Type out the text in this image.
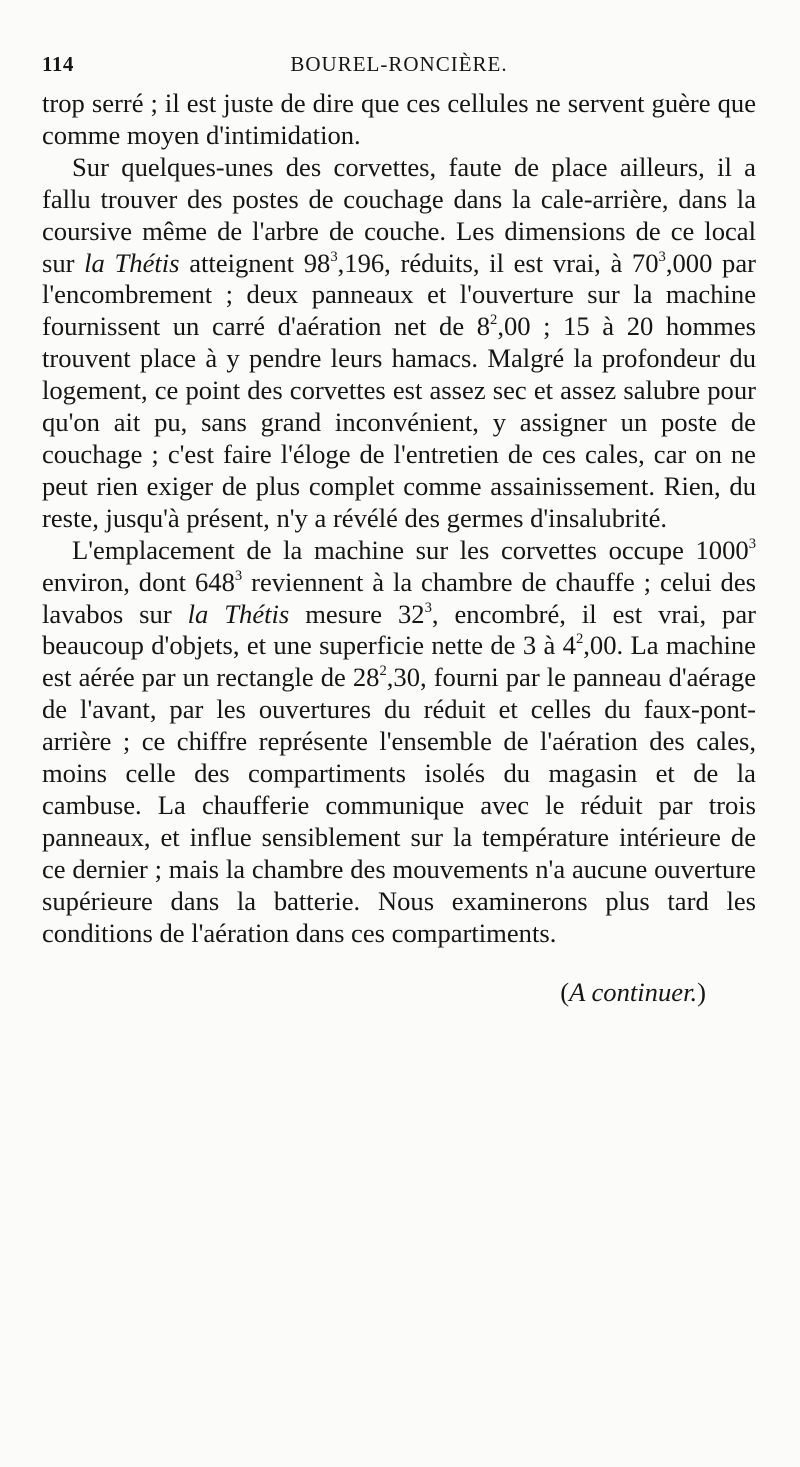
114	BOUREL-RONCIÈRE.

trop serré ; il est juste de dire que ces cellules ne servent guère que comme moyen d'intimidation.

Sur quelques-unes des corvettes, faute de place ailleurs, il a fallu trouver des postes de couchage dans la cale-arrière, dans la coursive même de l'arbre de couche. Les dimensions de ce local sur la Thétis atteignent $98^3,196$, réduits, il est vrai, à $70^3,000$ par l'encombrement ; deux panneaux et l'ouverture sur la machine fournissent un carré d'aération net de $8^2,00$ ; 15 à 20 hommes trouvent place à y pendre leurs hamacs. Malgré la profondeur du logement, ce point des corvettes est assez sec et assez salubre pour qu'on ait pu, sans grand inconvénient, y assigner un poste de couchage ; c'est faire l'éloge de l'entretien de ces cales, car on ne peut rien exiger de plus complet comme assainissement. Rien, du reste, jusqu'à présent, n'y a révélé des germes d'insalubrité.

L'emplacement de la machine sur les corvettes occupe 1000$^3$ environ, dont $648^3$ reviennent à la chambre de chauffe ; celui des lavabos sur la Thétis mesure $32^3$, encombré, il est vrai, par beaucoup d'objets, et une superficie nette de 3 à $4^2,00$. La machine est aérée par un rectangle de $28^2,30$, fourni par le panneau d'aérage de l'avant, par les ouvertures du réduit et celles du faux-pont-arrière ; ce chiffre représente l'ensemble de l'aération des cales, moins celle des compartiments isolés du magasin et de la cambuse. La chaufferie communique avec le réduit par trois panneaux, et influe sensiblement sur la température intérieure de ce dernier ; mais la chambre des mouvements n'a aucune ouverture supérieure dans la batterie. Nous examinerons plus tard les conditions de l'aération dans ces compartiments.

(A continuer.)
